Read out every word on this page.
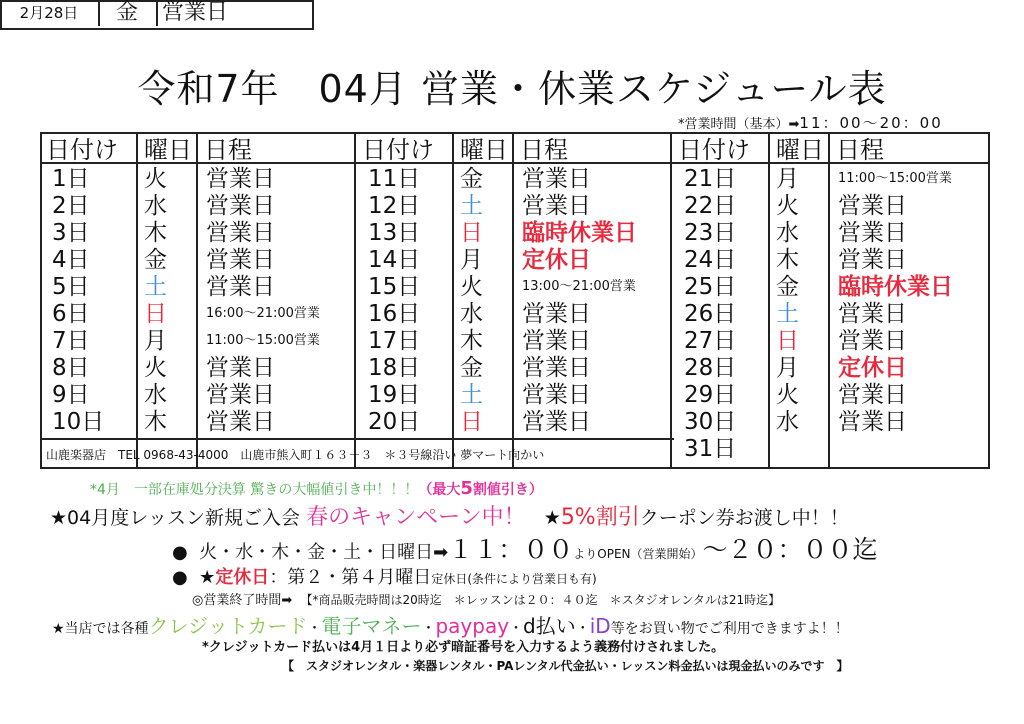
令和7年　04月 営業・休業スケジュール表
2月28日	金	営業日
*営業時間（基本）➡11：00～20：00
日付け 曜日 日程	日付け 曜日 日程	日付け 曜日 日程
1日 火 営業日
2日 水 営業日
3日 木 営業日
4日 金 営業日
5日 土 営業日
6日 日	16:00～21:00営業
7日 月	11:00～15:00営業
8日 火 営業日
9日 水 営業日
10日 木 営業日
11日 金 営業日
12日 土 営業日
13日 日 臨時休業日
14日 月 定休日
15日 火	13:00～21:00営業
16日 水 営業日
17日 木 営業日
18日 金 営業日
19日 土 営業日
20日 日 営業日
21日 月	11:00～15:00営業
22日 火 営業日
23日 水 営業日
24日 木 営業日
25日 金 臨時休業日
26日 土 営業日
27日 日 営業日
28日 月 定休日
29日 火 営業日
30日 水 営業日
31日
山鹿楽器店　TEL 0968-43-4000　山鹿市熊入町１６３－３　＊３号線沿い 夢マート向かい
*4月　一部在庫処分決算 驚きの大幅値引き中！！！（最大5割値引き）
★04月度レッスン新規ご入会 春のキャンペーン中！ ★5%割引クーポン券お渡し中！！
● 火・水・木・金・土・日曜日➡１１：００よりOPEN（営業開始）～２０：００迄
● ★定休日：第２・第４月曜日定休日(条件により営業日も有)
◎営業終了時間➡ 【*商品販売時間は20時迄　＊レッスンは２０：４０迄　＊スタジオレンタルは21時迄】
★当店では各種クレジットカード・電子マネー・paypay・d払い・iD等をお買い物でご利用できますよ！！
*クレジットカード払いは4月１日より必ず暗証番号を入力するよう義務付けされました。
【　スタジオレンタル・楽器レンタル・PAレンタル代金払い・レッスン料金払いは現金払いのみです　】
